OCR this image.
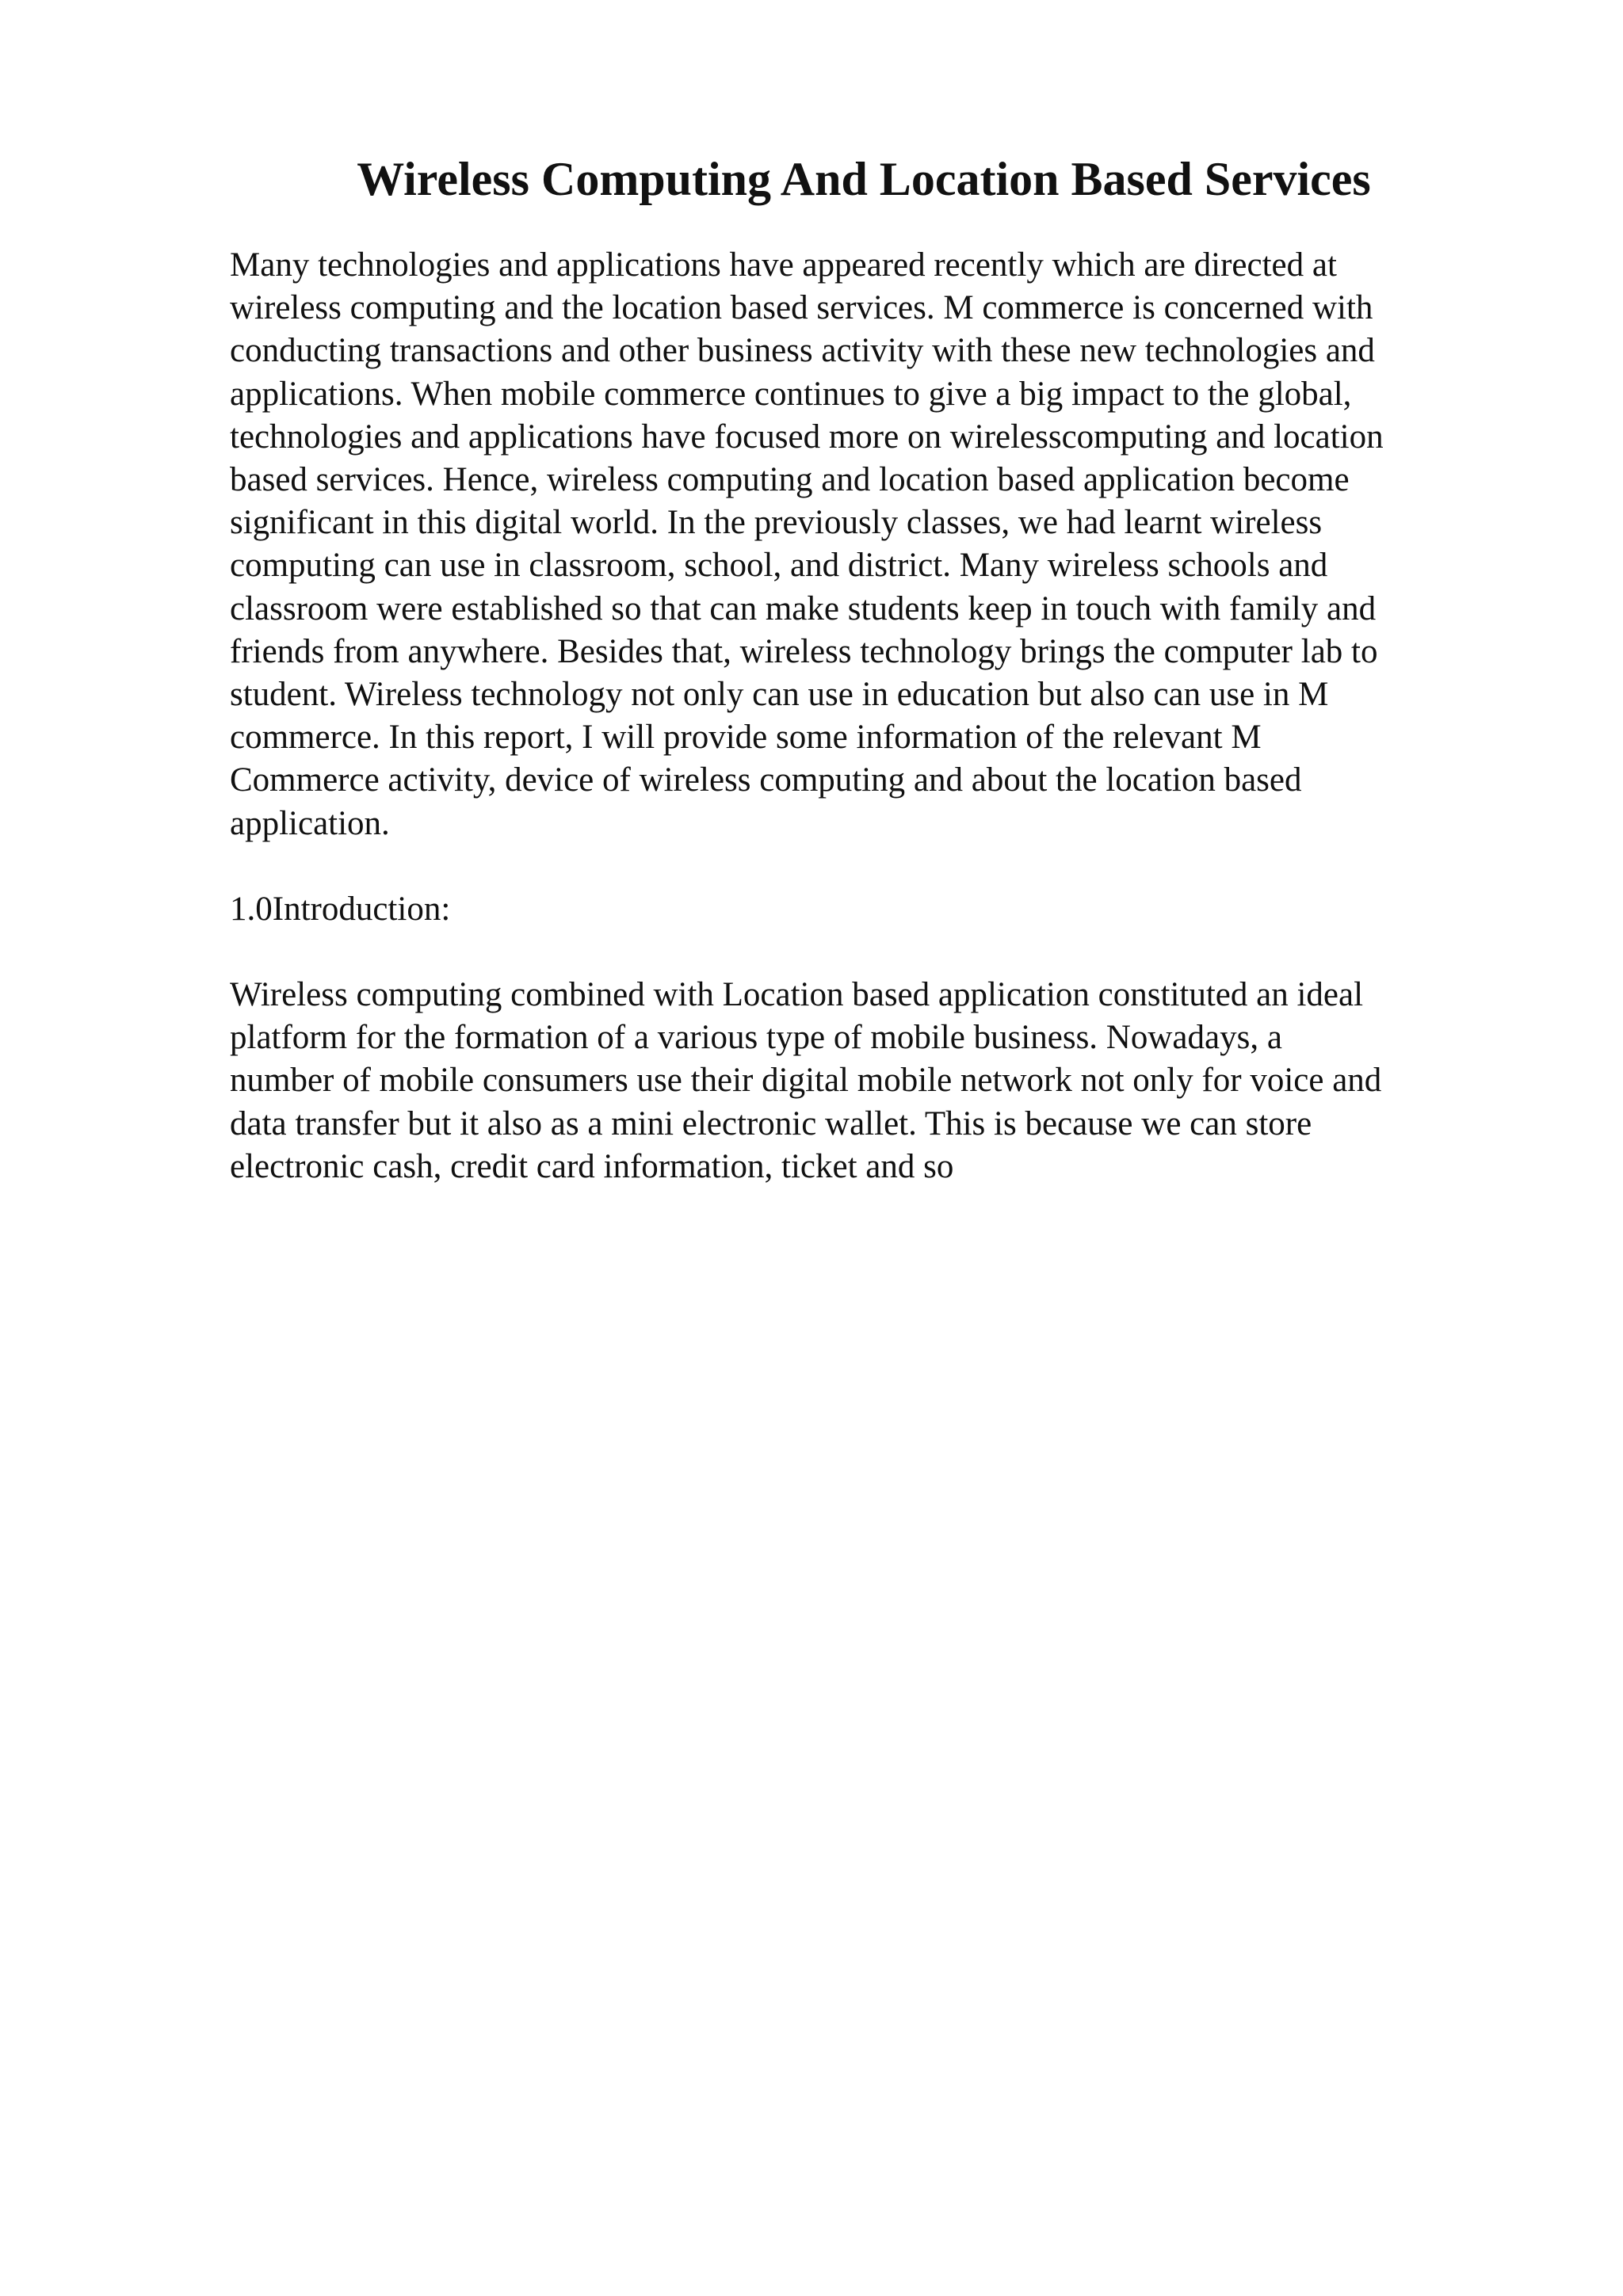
Wireless Computing And Location Based Services

Many technologies and applications have appeared recently which are directed at
wireless computing and the location based services. M commerce is concerned with
conducting transactions and other business activity with these new technologies and
applications. When mobile commerce continues to give a big impact to the global,
technologies and applications have focused more on wirelesscomputing and location
based services. Hence, wireless computing and location based application become
significant in this digital world. In the previously classes, we had learnt wireless
computing can use in classroom, school, and district. Many wireless schools and
classroom were established so that can make students keep in touch with family and
friends from anywhere. Besides that, wireless technology brings the computer lab to
student. Wireless technology not only can use in education but also can use in M
commerce. In this report, I will provide some information of the relevant M
Commerce activity, device of wireless computing and about the location based
application.

1.0Introduction:

Wireless computing combined with Location based application constituted an ideal
platform for the formation of a various type of mobile business. Nowadays, a
number of mobile consumers use their digital mobile network not only for voice and
data transfer but it also as a mini electronic wallet. This is because we can store
electronic cash, credit card information, ticket and so
